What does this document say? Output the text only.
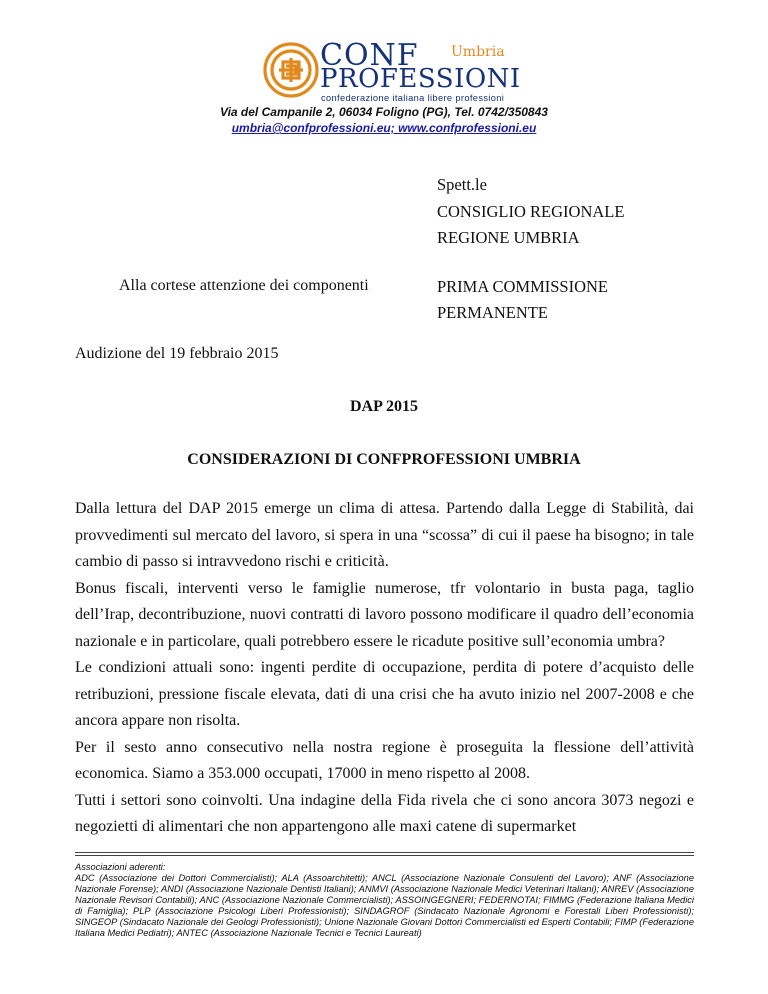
CONF Umbria
PROFESSIONI
confederazione italiana libere professioni
Via del Campanile 2, 06034 Foligno (PG), Tel. 0742/350843
umbria@confprofessioni.eu; www.confprofessioni.eu
Spett.le
CONSIGLIO REGIONALE
REGIONE UMBRIA
Alla cortese attenzione dei componenti	PRIMA COMMISSIONE
PERMANENTE
Audizione del 19 febbraio 2015
DAP 2015
CONSIDERAZIONI DI CONFPROFESSIONI UMBRIA

Dalla lettura del DAP 2015 emerge un clima di attesa. Partendo dalla Legge di Stabilità, dai provvedimenti sul mercato del lavoro, si spera in una “scossa” di cui il paese ha bisogno; in tale cambio di passo si intravvedono rischi e criticità.

Bonus fiscali, interventi verso le famiglie numerose, tfr volontario in busta paga, taglio dell’Irap, decontribuzione, nuovi contratti di lavoro possono modificare il quadro dell’economia nazionale e in particolare, quali potrebbero essere le ricadute positive sull’economia umbra?

Le condizioni attuali sono: ingenti perdite di occupazione, perdita di potere d’acquisto delle retribuzioni, pressione fiscale elevata, dati di una crisi che ha avuto inizio nel 2007-2008 e che ancora appare non risolta.

Per il sesto anno consecutivo nella nostra regione è proseguita la flessione dell’attività economica. Siamo a 353.000 occupati, 17000 in meno rispetto al 2008.

Tutti i settori sono coinvolti. Una indagine della Fida rivela che ci sono ancora 3073 negozi e negozietti di alimentari che non appartengono alle maxi catene di supermarket

Associazioni aderenti:

ADC (Associazione dei Dottori Commercialisti); ALA (Assoarchitetti); ANCL (Associazione Nazionale Consulenti del Lavoro); ANF (Associazione Nazionale Forense); ANDI (Associazione Nazionale Dentisti Italiani); ANMVI (Associazione Nazionale Medici Veterinari Italiani); ANREV (Associazione Nazionale Revisori Contabili); ANC (Associazione Nazionale Commercialisti); ASSOINGEGNERI; FEDERNOTAI; FIMMG (Federazione Italiana Medici di Famiglia); PLP (Associazione Psicologi Liberi Professionisti); SINDAGROF (Sindacato Nazionale Agronomi e Forestali Liberi Professionisti); SINGEOP (Sindacato Nazionale dei Geologi Professionisti); Unione Nazionale Giovani Dottori Commercialisti ed Esperti Contabili; FIMP (Federazione Italiana Medici Pediatri); ANTEC (Associazione Nazionale Tecnici e Tecnici Laureati)
